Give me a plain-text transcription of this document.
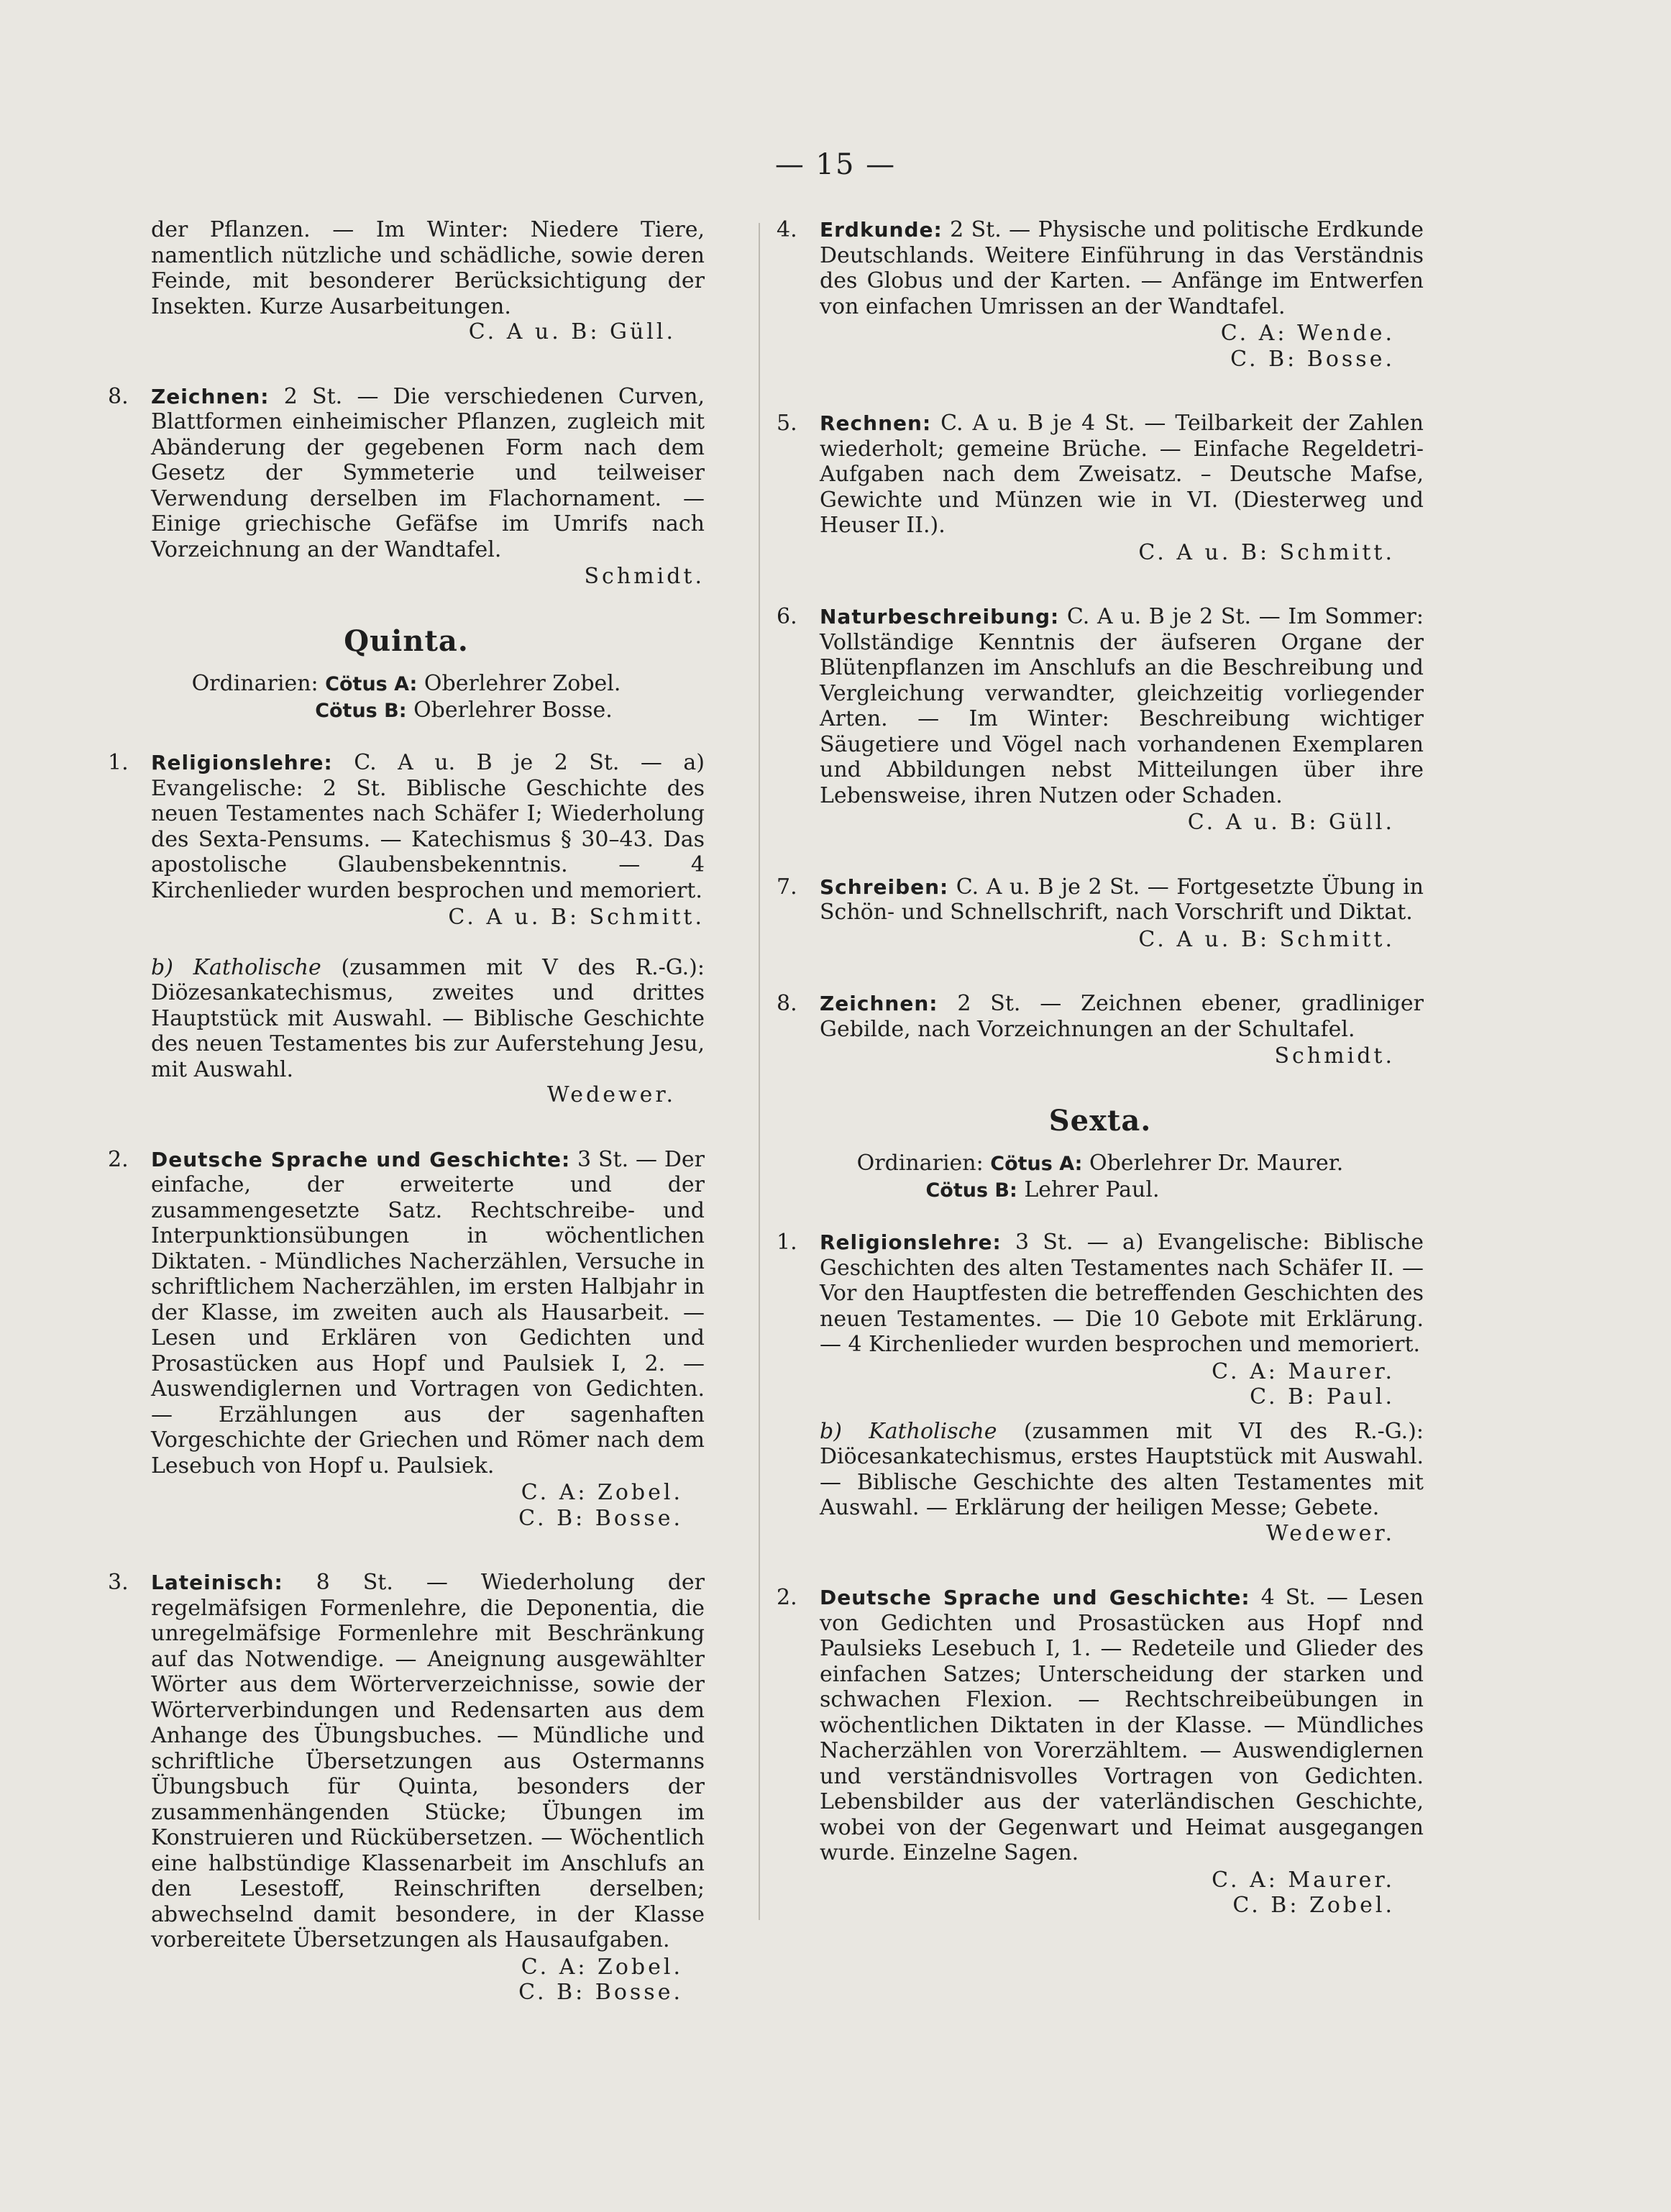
— 15 —
der Pflanzen. — Im Winter: Niedere Tiere, namentlich nützliche und schädliche, sowie deren Feinde, mit besonderer Berücksichtigung der Insekten. Kurze Ausarbeitungen.
C. A u. B: Güll.
8. Zeichnen: 2 St. — Die verschiedenen Curven, Blattformen einheimischer Pflanzen, zugleich mit Abänderung der gegebenen Form nach dem Gesetz der Symmeterie und teilweiser Verwendung derselben im Flachornament. — Einige griechische Gefäfse im Umrifs nach Vorzeichnung an der Wandtafel.
Schmidt.
Quinta.
Ordinarien: Cötus A: Oberlehrer Zobel.
Cötus B: Oberlehrer Bosse.
1. Religionslehre: C. A u. B je 2 St. — a) Evangelische: 2 St. Biblische Geschichte des neuen Testamentes nach Schäfer I; Wiederholung des Sexta-Pensums. — Katechismus § 30–43. Das apostolische Glaubensbekenntnis. — 4 Kirchenlieder wurden besprochen und memoriert.
C. A u. B: Schmitt.
b) Katholische (zusammen mit V des R.-G.): Diözesankatechismus, zweites und drittes Hauptstück mit Auswahl. — Biblische Geschichte des neuen Testamentes bis zur Auferstehung Jesu, mit Auswahl.
Wedewer.
2. Deutsche Sprache und Geschichte: 3 St. — Der einfache, der erweiterte und der zusammengesetzte Satz. Rechtschreibe- und Interpunktionsübungen in wöchentlichen Diktaten. - Mündliches Nacherzählen, Versuche in schriftlichem Nacherzählen, im ersten Halbjahr in der Klasse, im zweiten auch als Hausarbeit. — Lesen und Erklären von Gedichten und Prosastücken aus Hopf und Paulsiek I, 2. — Auswendiglernen und Vortragen von Gedichten. — Erzählungen aus der sagenhaften Vorgeschichte der Griechen und Römer nach dem Lesebuch von Hopf u. Paulsiek.
C. A: Zobel.
C. B: Bosse.
3. Lateinisch: 8 St. — Wiederholung der regelmäfsigen Formenlehre, die Deponentia, die unregelmäfsige Formenlehre mit Beschränkung auf das Notwendige. — Aneignung ausgewählter Wörter aus dem Wörterverzeichnisse, sowie der Wörterverbindungen und Redensarten aus dem Anhange des Übungsbuches. — Mündliche und schriftliche Übersetzungen aus Ostermanns Übungsbuch für Quinta, besonders der zusammenhängenden Stücke; Übungen im Konstruieren und Rückübersetzen. — Wöchentlich eine halbstündige Klassenarbeit im Anschlufs an den Lesestoff, Reinschriften derselben; abwechselnd damit besondere, in der Klasse vorbereitete Übersetzungen als Hausaufgaben.
C. A: Zobel.
C. B: Bosse.
4. Erdkunde: 2 St. — Physische und politische Erdkunde Deutschlands. Weitere Einführung in das Verständnis des Globus und der Karten. — Anfänge im Entwerfen von einfachen Umrissen an der Wandtafel.
C. A: Wende.
C. B: Bosse.
5. Rechnen: C. A u. B je 4 St. — Teilbarkeit der Zahlen wiederholt; gemeine Brüche. — Einfache Regeldetri-Aufgaben nach dem Zweisatz. – Deutsche Mafse, Gewichte und Münzen wie in VI. (Diesterweg und Heuser II.).
C. A u. B: Schmitt.
6. Naturbeschreibung: C. A u. B je 2 St. — Im Sommer: Vollständige Kenntnis der äufseren Organe der Blütenpflanzen im Anschlufs an die Beschreibung und Vergleichung verwandter, gleichzeitig vorliegender Arten. — Im Winter: Beschreibung wichtiger Säugetiere und Vögel nach vorhandenen Exemplaren und Abbildungen nebst Mitteilungen über ihre Lebensweise, ihren Nutzen oder Schaden.
C. A u. B: Güll.
7. Schreiben: C. A u. B je 2 St. — Fortgesetzte Übung in Schön- und Schnellschrift, nach Vorschrift und Diktat.
C. A u. B: Schmitt.
8. Zeichnen: 2 St. — Zeichnen ebener, gradliniger Gebilde, nach Vorzeichnungen an der Schultafel.
Schmidt.
Sexta.
Ordinarien: Cötus A: Oberlehrer Dr. Maurer.
Cötus B: Lehrer Paul.
1. Religionslehre: 3 St. — a) Evangelische: Biblische Geschichten des alten Testamentes nach Schäfer II. — Vor den Hauptfesten die betreffenden Geschichten des neuen Testamentes. — Die 10 Gebote mit Erklärung. — 4 Kirchenlieder wurden besprochen und memoriert.
C. A: Maurer.
C. B: Paul.
b) Katholische (zusammen mit VI des R.-G.): Diöcesankatechismus, erstes Hauptstück mit Auswahl. — Biblische Geschichte des alten Testamentes mit Auswahl. — Erklärung der heiligen Messe; Gebete.
Wedewer.
2. Deutsche Sprache und Geschichte: 4 St. — Lesen von Gedichten und Prosastücken aus Hopf nnd Paulsieks Lesebuch I, 1. — Redeteile und Glieder des einfachen Satzes; Unterscheidung der starken und schwachen Flexion. — Rechtschreibeübungen in wöchentlichen Diktaten in der Klasse. — Mündliches Nacherzählen von Vorerzähltem. — Auswendiglernen und verständnisvolles Vortragen von Gedichten. Lebensbilder aus der vaterländischen Geschichte, wobei von der Gegenwart und Heimat ausgegangen wurde. Einzelne Sagen.
C. A: Maurer.
C. B: Zobel.
